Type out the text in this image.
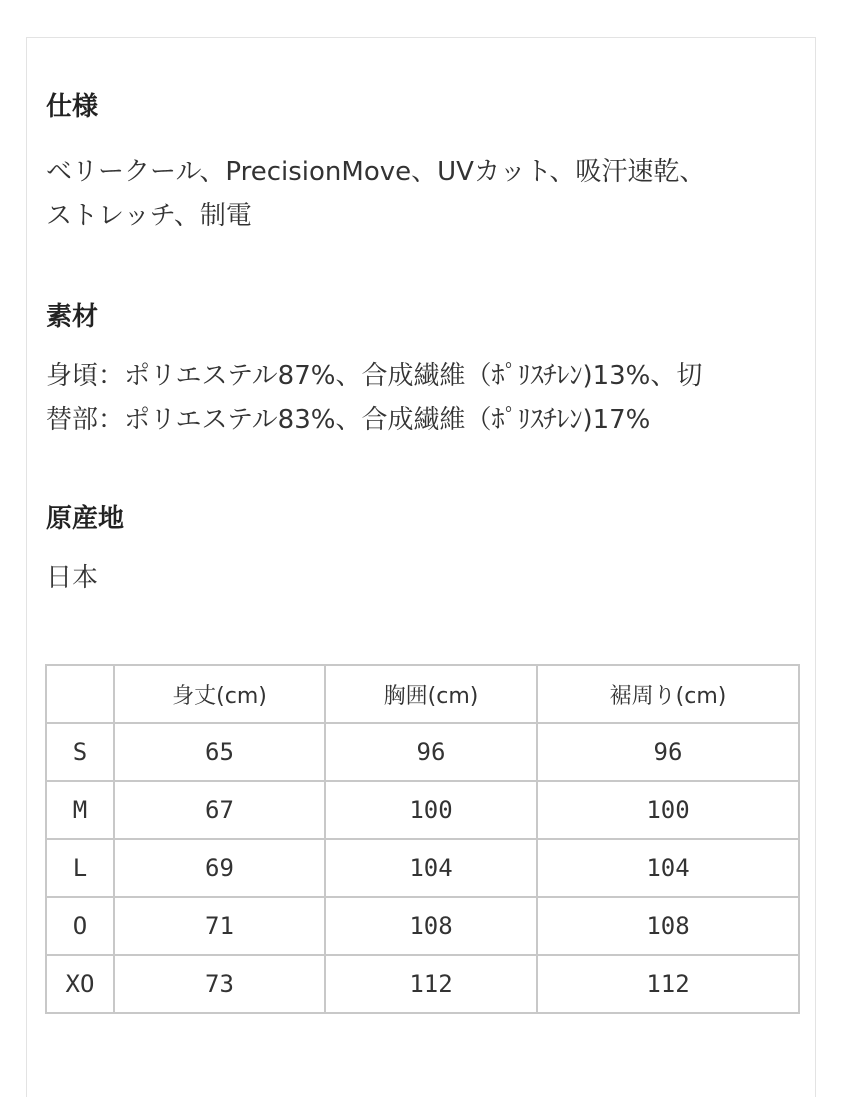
仕様

ベリークール、PrecisionMove、UVカット、吸汗速乾、
ストレッチ、制電

素材

身頃：ポリエステル87%、合成繊維（ﾎﾟﾘｽﾁﾚﾝ)13%、切
替部：ポリエステル83%、合成繊維（ﾎﾟﾘｽﾁﾚﾝ)17%

原産地

日本

	身丈(cm)	胸囲(cm)	裾周り(cm)
S	65	96	96
M	67	100	100
L	69	104	104
O	71	108	108
XO	73	112	112
